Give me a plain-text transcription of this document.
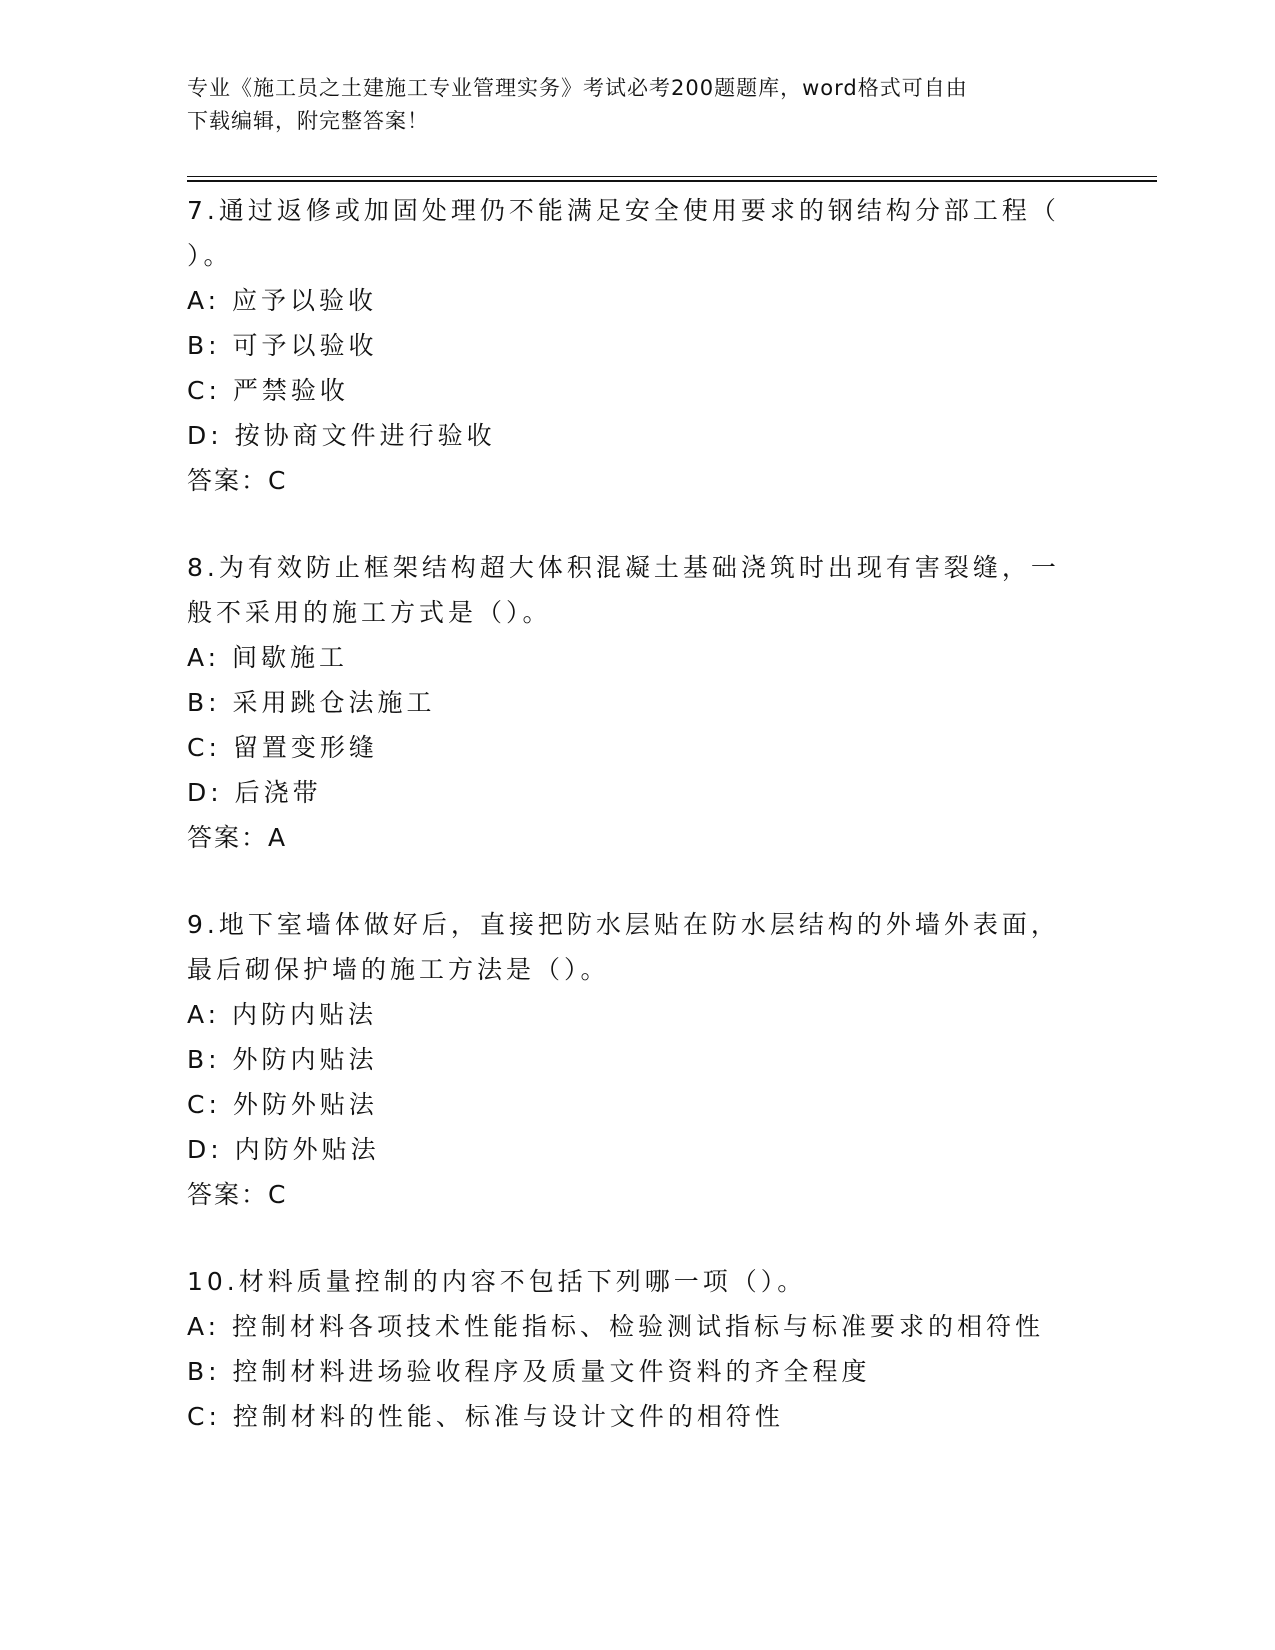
专业《施工员之土建施工专业管理实务》考试必考200题题库，word格式可自由
下载编辑，附完整答案！
7.通过返修或加固处理仍不能满足安全使用要求的钢结构分部工程（
）。
A: 应予以验收
B: 可予以验收
C: 严禁验收
D: 按协商文件进行验收
答案：C
8.为有效防止框架结构超大体积混凝土基础浇筑时出现有害裂缝，一
般不采用的施工方式是（）。
A: 间歇施工
B: 采用跳仓法施工
C: 留置变形缝
D: 后浇带
答案：A
9.地下室墙体做好后，直接把防水层贴在防水层结构的外墙外表面，
最后砌保护墙的施工方法是（）。
A: 内防内贴法
B: 外防内贴法
C: 外防外贴法
D: 内防外贴法
答案：C
10.材料质量控制的内容不包括下列哪一项（）。
A: 控制材料各项技术性能指标、检验测试指标与标准要求的相符性
B: 控制材料进场验收程序及质量文件资料的齐全程度
C: 控制材料的性能、标准与设计文件的相符性
